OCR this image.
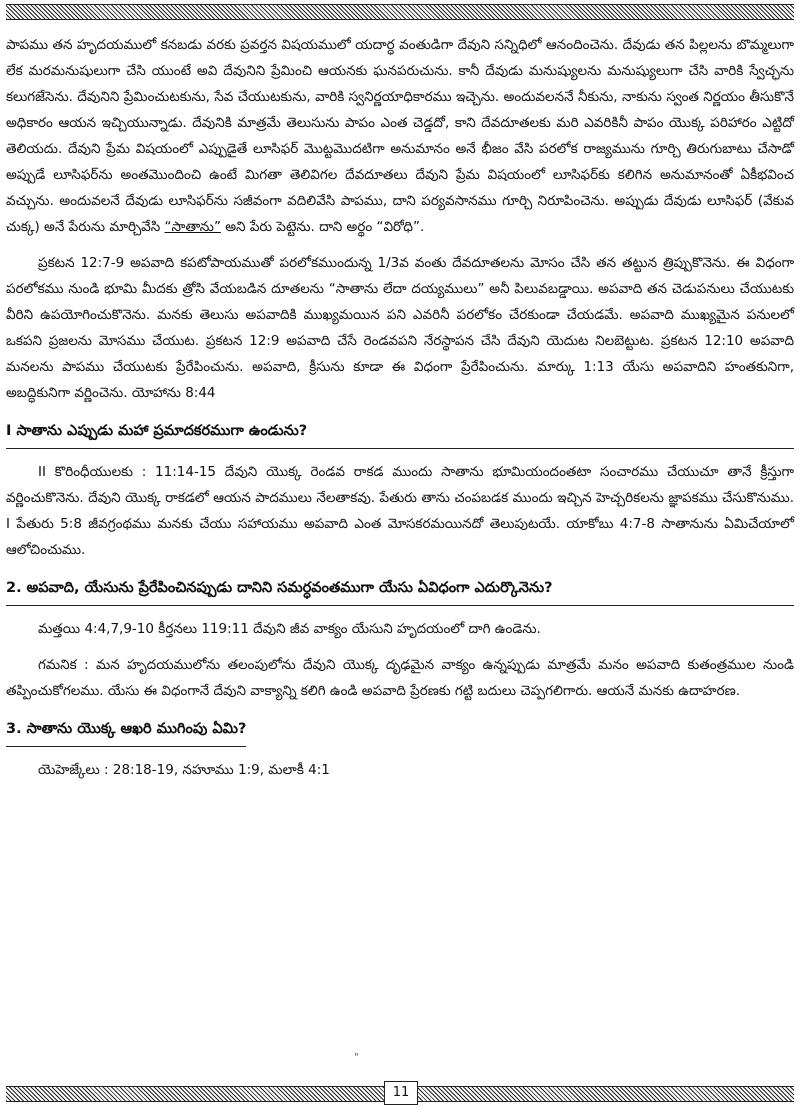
పాపము తన హృదయములో కనబడు వరకు ప్రవర్తన విషయములో యదార్ధ వంతుడిగా దేవుని సన్నిధిలో ఆనందించెను. దేవుడు తన పిల్లలను బొమ్మలుగా లేక మరమనుషులుగా చేసి యుంటే అవి దేవునిని ప్రేమించి ఆయనకు ఘనపరుచును. కానీ దేవుడు మనుష్యులను మనుష్యులుగా చేసి వారికి స్వేచ్ఛను కలుగజేసెను. దేవునిని ప్రేమించుటకును, సేవ చేయుటకును, వారికి స్వనిర్ణయాధికారము ఇచ్చెను. అందువలననే నీకును, నాకును స్వంత నిర్ణయం తీసుకొనే అధికారం ఆయన ఇచ్చియున్నాడు. దేవునికి మాత్రమే తెలుసును పాపం ఎంత చెడ్డదో, కాని దేవదూతలకు మరి ఎవరికినీ పాపం యొక్క పరిహారం ఎట్టిదో తెలియదు. దేవుని ప్రేమ విషయంలో ఎప్పుడైతే లూసిఫర్ మొట్టమొదటిగా అనుమానం అనే భీజం వేసి పరలోక రాజ్యమును గూర్చి తిరుగుబాటు చేసాడో అప్పుడే లూసిఫర్‌ను అంతమొందించి ఉంటే మిగతా తెలివిగల దేవదూతలు దేవుని ప్రేమ విషయంలో లూసిఫర్‌కు కలిగిన అనుమానంతో ఏకీభవించ వచ్చును. అందువలనే దేవుడు లూసిఫర్‌ను సజీవంగా వదిలివేసి పాపము, దాని పర్యవసానము గూర్చి నిరూపించెను. అప్పుడు దేవుడు లూసిఫర్ (వేకువ చుక్క) అనే పేరును మార్చివేసి “సాతాను” అని పేరు పెట్టెను. దాని అర్థం “విరోధి”.

ప్రకటన 12:7-9 అపవాది కపటోపాయముతో పరలోకముందున్న 1/3వ వంతు దేవదూతలను మోసం చేసి తన తట్టున త్రిప్పుకొనెను. ఈ విధంగా పరలోకము నుండి భూమి మీదకు త్రోసి వేయబడిన దూతలను “సాతాను లేదా దయ్యములు” అనీ పిలువబడ్డాయి. అపవాది తన చెడుపనులు చేయుటకు వీరిని ఉపయోగించుకొనెను. మనకు తెలుసు అపవాదికి ముఖ్యమయిన పని ఎవరినీ పరలోకం చేరకుండా చేయడమే. అపవాది ముఖ్యమైన పనులలో ఒకపని ప్రజలను మోసము చేయుట. ప్రకటన 12:9 అపవాది చేసే రెండవపని నేరస్థాపన చేసి దేవుని యెదుట నిలబెట్టుట. ప్రకటన 12:10 అపవాది మనలను పాపము చేయుటకు ప్రేరేపించును. అపవాది, క్రీసును కూడా ఈ విధంగా ప్రేరేపించును. మార్కు 1:13 యేసు అపవాదిని హంతకునిగా, అబద్ధికునిగా వర్ణించెను. యోహాను 8:44

I సాతాను ఎప్పుడు మహా ప్రమాదకరముగా ఉండును?

II కొరింధీయులకు : 11:14-15 దేవుని యొక్క రెండవ రాకడ ముందు సాతాను భూమియందంతటా సంచారము చేయుచూ తానే క్రీస్తుగా వర్ణించుకొనెను. దేవుని యొక్క రాకడలో ఆయన పాదములు నేలతాకవు. పేతురు తాను చంపబడక ముందు ఇచ్చిన హెచ్చరికలను జ్ఞాపకము చేసుకొనుము. I పేతురు 5:8 జీవగ్రంథము మనకు చేయు సహాయము అపవాది ఎంత మోసకరమయినదో తెలుపుటయే. యాకోబు 4:7-8 సాతానును ఏమిచేయాలో ఆలోచించుము.

2. అపవాది, యేసును ప్రేరేపించినప్పుడు దానిని సమర్ధవంతముగా యేసు ఏవిధంగా ఎదుర్కొనెను?

మత్తయి 4:4,7,9-10 కీర్తనలు 119:11 దేవుని జీవ వాక్యం యేసుని హృదయంలో దాగి ఉండెను.

గమనిక : మన హృదయములోను తలంపులోను దేవుని యొక్క దృఢమైన వాక్యం ఉన్నప్పుడు మాత్రమే మనం అపవాది కుతంత్రముల నుండి తప్పించుకోగలము. యేసు ఈ విధంగానే దేవుని వాక్యాన్ని కలిగి ఉండి అపవాది ప్రేరణకు గట్టి బదులు చెప్పగలిగారు. ఆయనే మనకు ఉదాహరణ.

3. సాతాను యొక్క ఆఖరి ముగింపు ఏమి?

యెహెజ్కేలు : 28:18-19, నహూము 1:9, మలాకీ 4:1

"
11
